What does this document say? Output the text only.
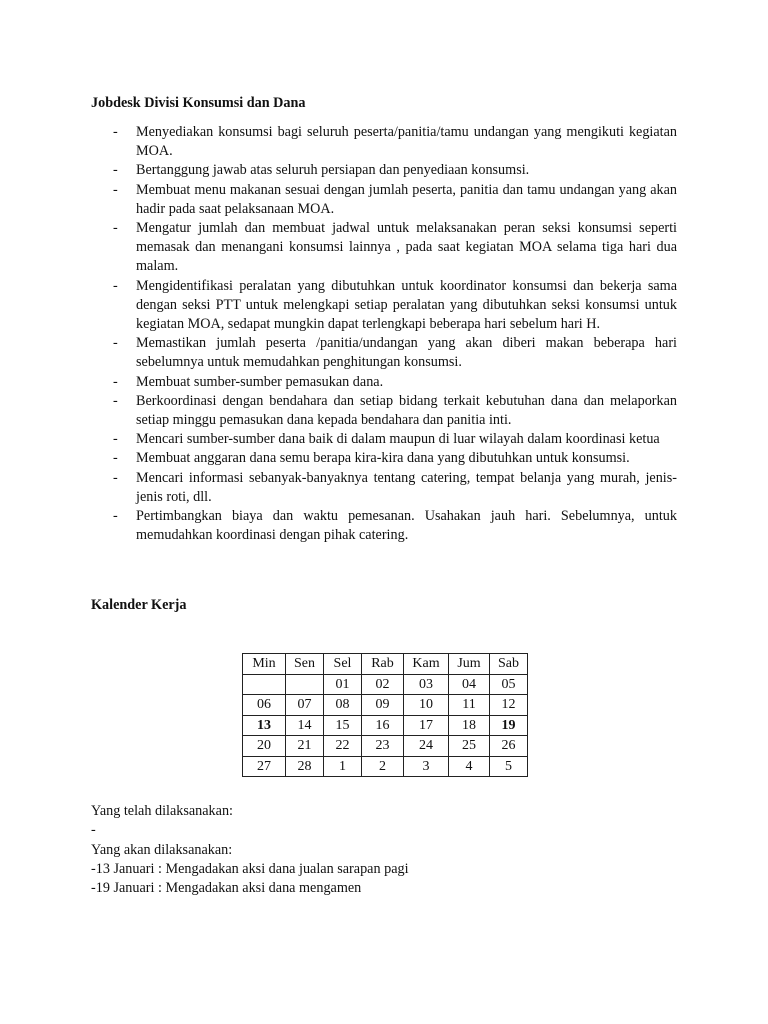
Jobdesk Divisi Konsumsi dan Dana

-	Menyediakan konsumsi bagi seluruh peserta/panitia/tamu undangan yang mengikuti kegiatan MOA.
-	Bertanggung jawab atas seluruh persiapan dan penyediaan konsumsi.
-	Membuat menu makanan sesuai dengan jumlah peserta, panitia dan tamu undangan yang akan hadir pada saat pelaksanaan MOA.
-	Mengatur jumlah dan membuat jadwal untuk melaksanakan peran seksi konsumsi seperti memasak dan menangani konsumsi lainnya , pada saat kegiatan MOA selama tiga hari dua malam.
-	Mengidentifikasi peralatan yang dibutuhkan untuk koordinator konsumsi dan bekerja sama dengan seksi PTT untuk melengkapi setiap peralatan yang dibutuhkan seksi konsumsi untuk kegiatan MOA, sedapat mungkin dapat terlengkapi beberapa hari sebelum hari H.
-	Memastikan jumlah peserta /panitia/undangan yang akan diberi makan beberapa hari sebelumnya untuk memudahkan penghitungan konsumsi.
-	Membuat sumber-sumber pemasukan dana.
-	Berkoordinasi dengan bendahara dan setiap bidang terkait kebutuhan dana dan melaporkan setiap minggu pemasukan dana kepada bendahara dan panitia inti.
-	Mencari sumber-sumber dana baik di dalam maupun di luar wilayah dalam koordinasi ketua
-	Membuat anggaran dana semu berapa kira-kira dana yang dibutuhkan untuk konsumsi.
-	Mencari informasi sebanyak-banyaknya tentang catering, tempat belanja yang murah, jenis-jenis roti, dll.
-	Pertimbangkan biaya dan waktu pemesanan. Usahakan jauh hari. Sebelumnya, untuk memudahkan koordinasi dengan pihak catering.

Kalender Kerja

Min	Sen	Sel	Rab	Kam	Jum	Sab
		01	02	03	04	05
06	07	08	09	10	11	12
13	14	15	16	17	18	19
20	21	22	23	24	25	26
27	28	1	2	3	4	5
Yang telah dilaksanakan:
-
Yang akan dilaksanakan:
-13 Januari : Mengadakan aksi dana jualan sarapan pagi
-19 Januari : Mengadakan aksi dana mengamen
